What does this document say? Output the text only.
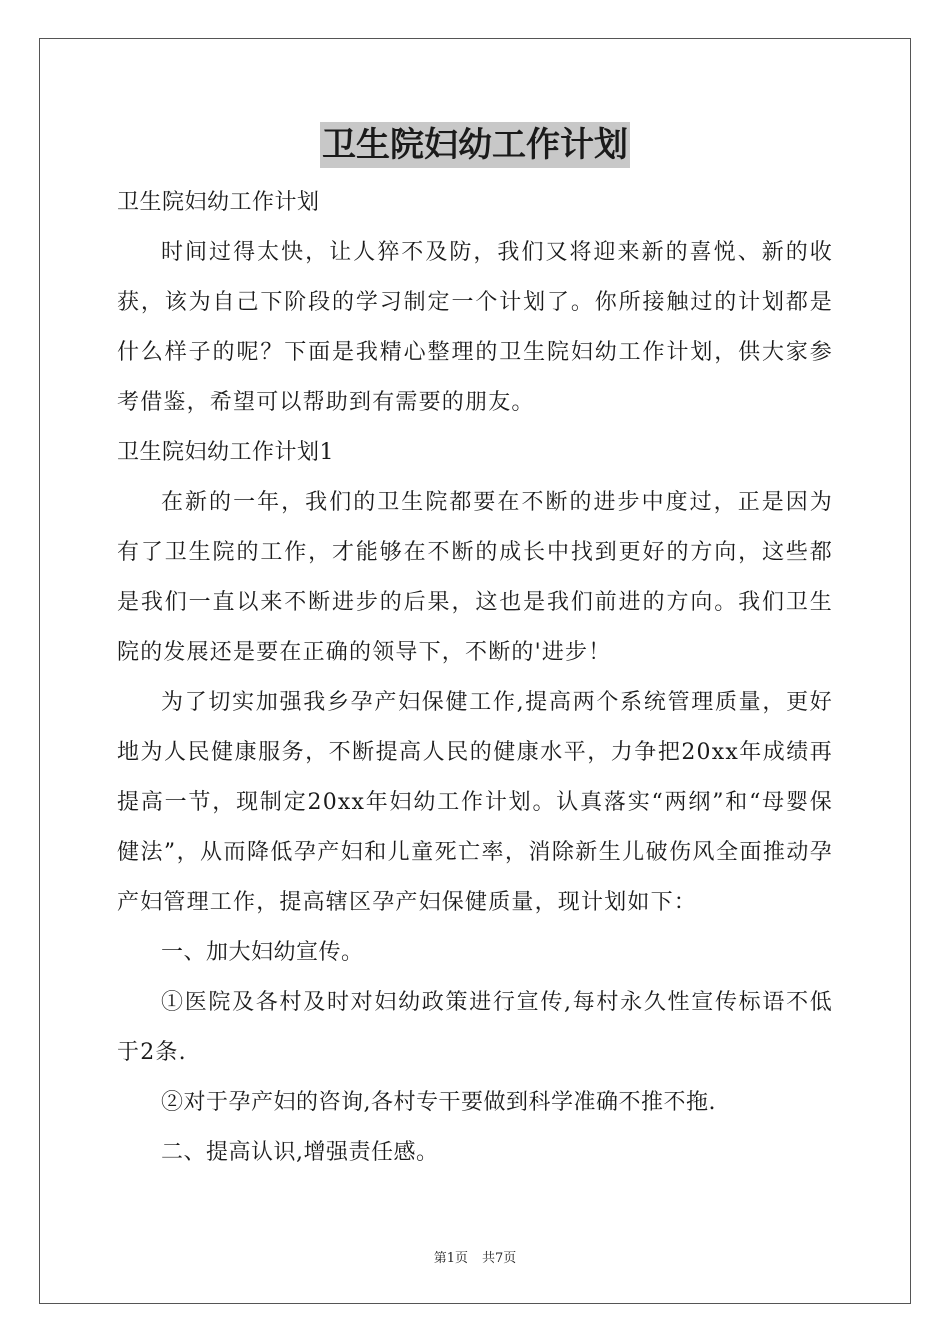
卫生院妇幼工作计划
卫生院妇幼工作计划

时间过得太快，让人猝不及防，我们又将迎来新的喜悦、新的收获，该为自己下阶段的学习制定一个计划了。你所接触过的计划都是什么样子的呢？下面是我精心整理的卫生院妇幼工作计划，供大家参考借鉴，希望可以帮助到有需要的朋友。

卫生院妇幼工作计划1

在新的一年，我们的卫生院都要在不断的进步中度过，正是因为有了卫生院的工作，才能够在不断的成长中找到更好的方向，这些都是我们一直以来不断进步的后果，这也是我们前进的方向。我们卫生院的发展还是要在正确的领导下，不断的'进步！

为了切实加强我乡孕产妇保健工作,提高两个系统管理质量，更好地为人民健康服务，不断提高人民的健康水平，力争把20xx年成绩再提高一节，现制定20xx年妇幼工作计划。认真落实“两纲”和“母婴保健法”，从而降低孕产妇和儿童死亡率，消除新生儿破伤风全面推动孕产妇管理工作，提高辖区孕产妇保健质量，现计划如下：

一、加大妇幼宣传。

①医院及各村及时对妇幼政策进行宣传,每村永久性宣传标语不低于2条.

②对于孕产妇的咨询,各村专干要做到科学准确不推不拖.
二、提高认识,增强责任感。
第1页 共7页
